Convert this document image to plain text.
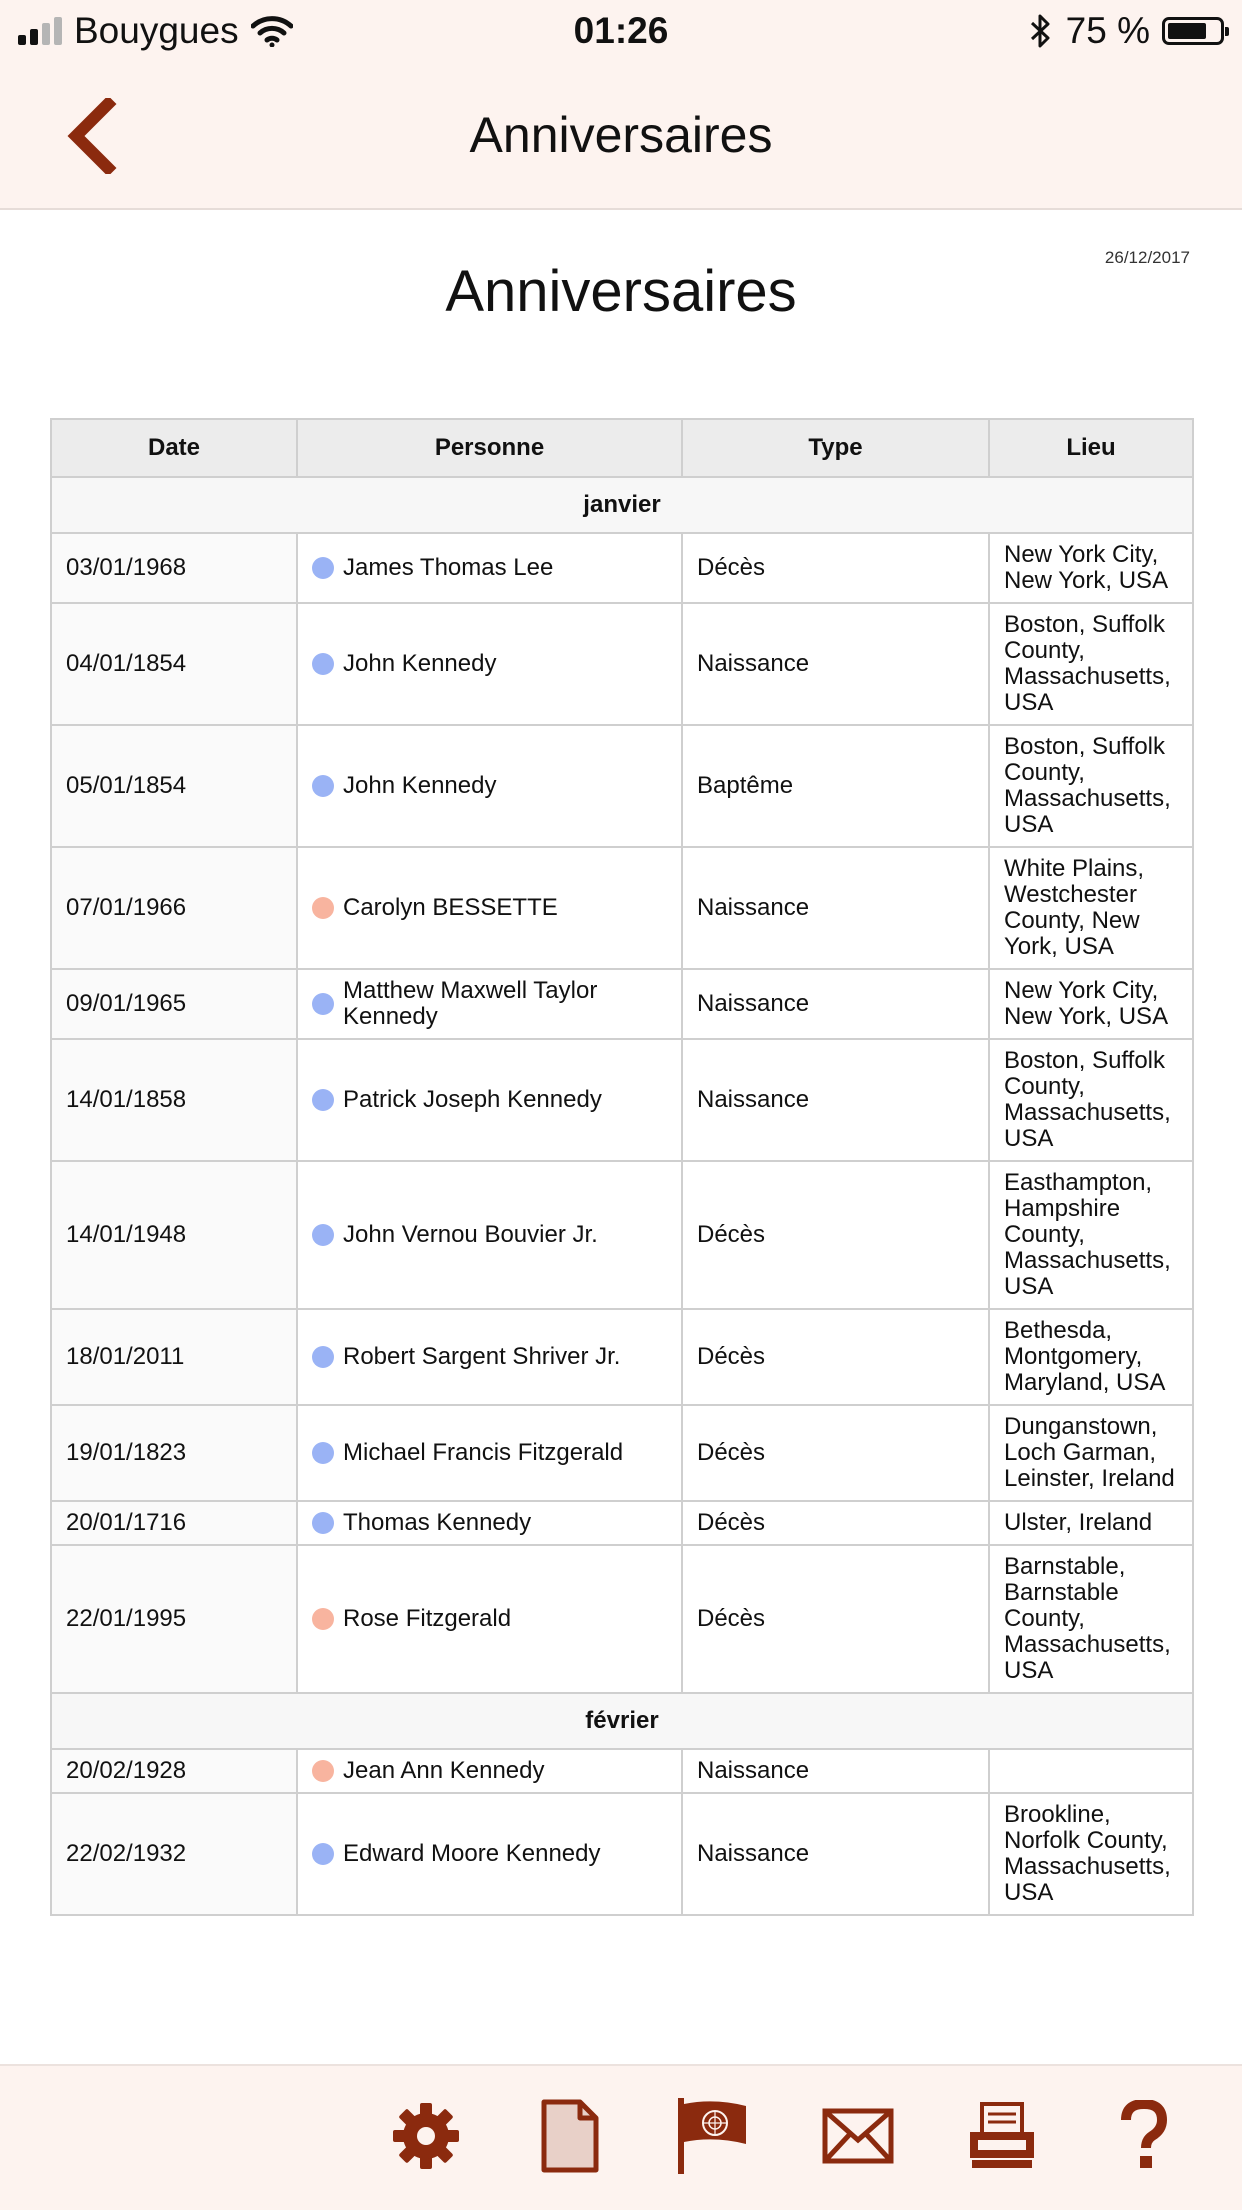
Bouygues	01:26	75 %
Anniversaires
26/12/2017
Anniversaires
Date	Personne	Type	Lieu
janvier			
03/01/1968	James Thomas Lee	Décès	New York City, New York, USA
04/01/1854	John Kennedy	Naissance	Boston, Suffolk County, Massachusetts, USA
05/01/1854	John Kennedy	Baptême	Boston, Suffolk County, Massachusetts, USA
07/01/1966	Carolyn BESSETTE	Naissance	White Plains, Westchester County, New York, USA
09/01/1965	Matthew Maxwell Taylor Kennedy	Naissance	New York City, New York, USA
14/01/1858	Patrick Joseph Kennedy	Naissance	Boston, Suffolk County, Massachusetts, USA
14/01/1948	John Vernou Bouvier Jr.	Décès	Easthampton, Hampshire County, Massachusetts, USA
18/01/2011	Robert Sargent Shriver Jr.	Décès	Bethesda, Montgomery, Maryland, USA
19/01/1823	Michael Francis Fitzgerald	Décès	Dunganstown, Loch Garman, Leinster, Ireland
20/01/1716	Thomas Kennedy	Décès	Ulster, Ireland
22/01/1995	Rose Fitzgerald	Décès	Barnstable, Barnstable County, Massachusetts, USA
février			
20/02/1928	Jean Ann Kennedy	Naissance	
22/02/1932	Edward Moore Kennedy	Naissance	Brookline, Norfolk County, Massachusetts, USA
